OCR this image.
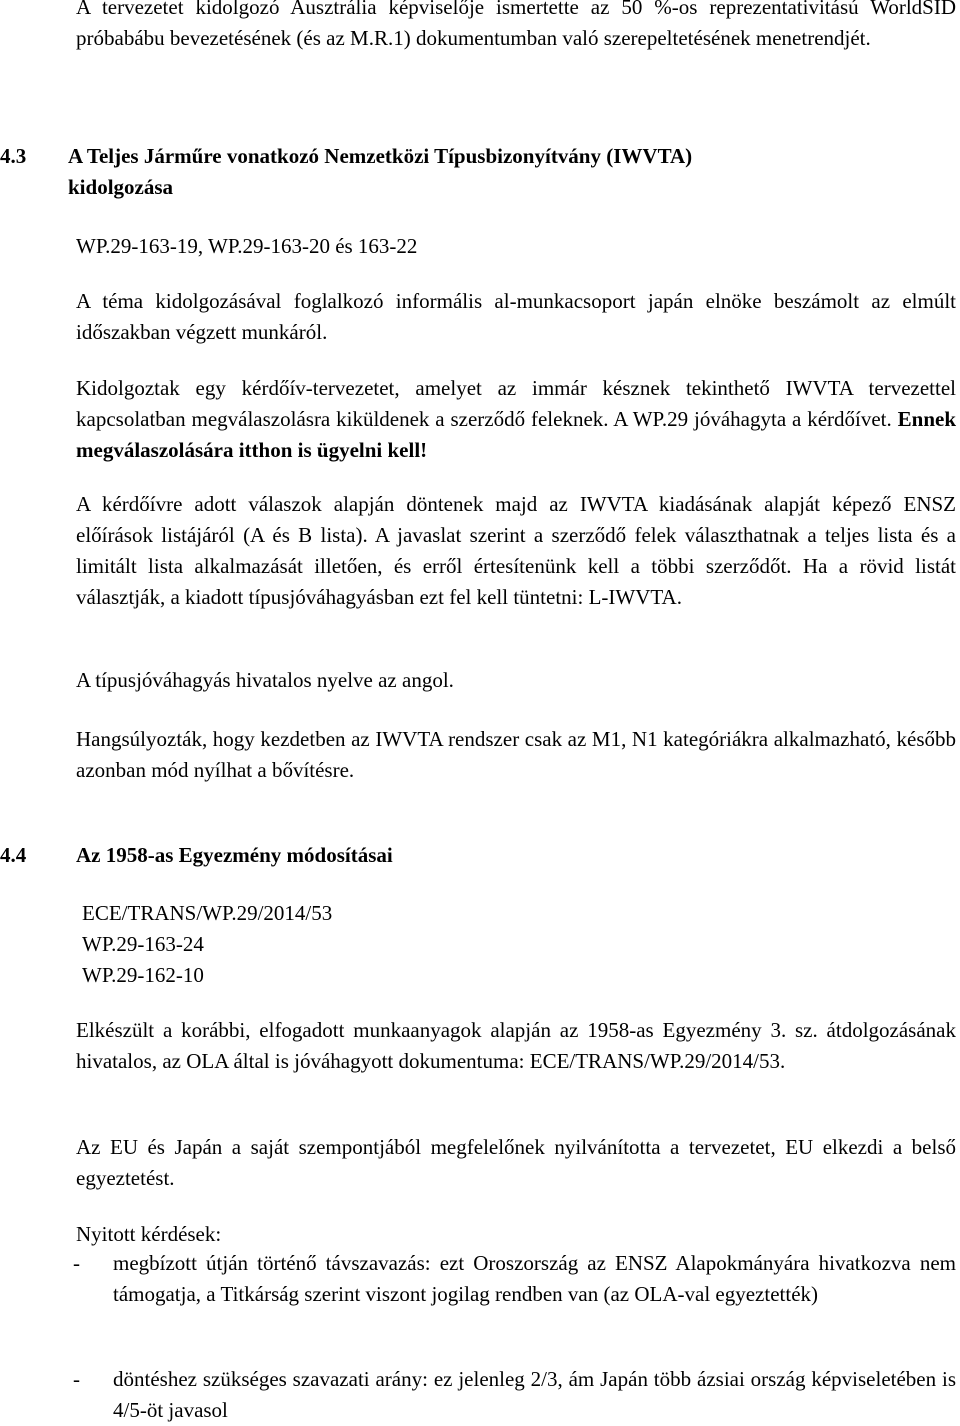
A tervezetet kidolgozó Ausztrália képviselője ismertette az 50 %-os reprezentativitású WorldSID próbabábu bevezetésének (és az M.R.1) dokumentumban való szerepeltetésének menetrendjét.

4.3 A Teljes Járműre vonatkozó Nemzetközi Típusbizonyítvány (IWVTA)
kidolgozása

WP.29-163-19, WP.29-163-20 és 163-22

A téma kidolgozásával foglalkozó informális al-munkacsoport japán elnöke beszámolt az elmúlt időszakban végzett munkáról.

Kidolgoztak egy kérdőív-tervezetet, amelyet az immár késznek tekinthető IWVTA tervezettel kapcsolatban megválaszolásra kiküldenek a szerződő feleknek. A WP.29 jóváhagyta a kérdőívet. Ennek megválaszolására itthon is ügyelni kell!

A kérdőívre adott válaszok alapján döntenek majd az IWVTA kiadásának alapját képező ENSZ előírások listájáról (A és B lista). A javaslat szerint a szerződő felek választhatnak a teljes lista és a limitált lista alkalmazását illetően, és erről értesítenünk kell a többi szerződőt. Ha a rövid listát választják, a kiadott típusjóváhagyásban ezt fel kell tüntetni: L-IWVTA.

A típusjóváhagyás hivatalos nyelve az angol.

Hangsúlyozták, hogy kezdetben az IWVTA rendszer csak az M1, N1 kategóriákra alkalmazható, később azonban mód nyílhat a bővítésre.

4.4 Az 1958-as Egyezmény módosításai
ECE/TRANS/WP.29/2014/53
WP.29-163-24
WP.29-162-10

Elkészült a korábbi, elfogadott munkaanyagok alapján az 1958-as Egyezmény 3. sz. átdolgozásának hivatalos, az OLA által is jóváhagyott dokumentuma: ECE/TRANS/WP.29/2014/53.

Az EU és Japán a saját szempontjából megfelelőnek nyilvánította a tervezetet, EU elkezdi a belső egyeztetést.

Nyitott kérdések:

- megbízott útján történő távszavazás: ezt Oroszország az ENSZ Alapokmányára hivatkozva nem támogatja, a Titkárság szerint viszont jogilag rendben van (az OLA-val egyeztették)

- döntéshez szükséges szavazati arány: ez jelenleg 2/3, ám Japán több ázsiai ország képviseletében is 4/5-öt javasol
